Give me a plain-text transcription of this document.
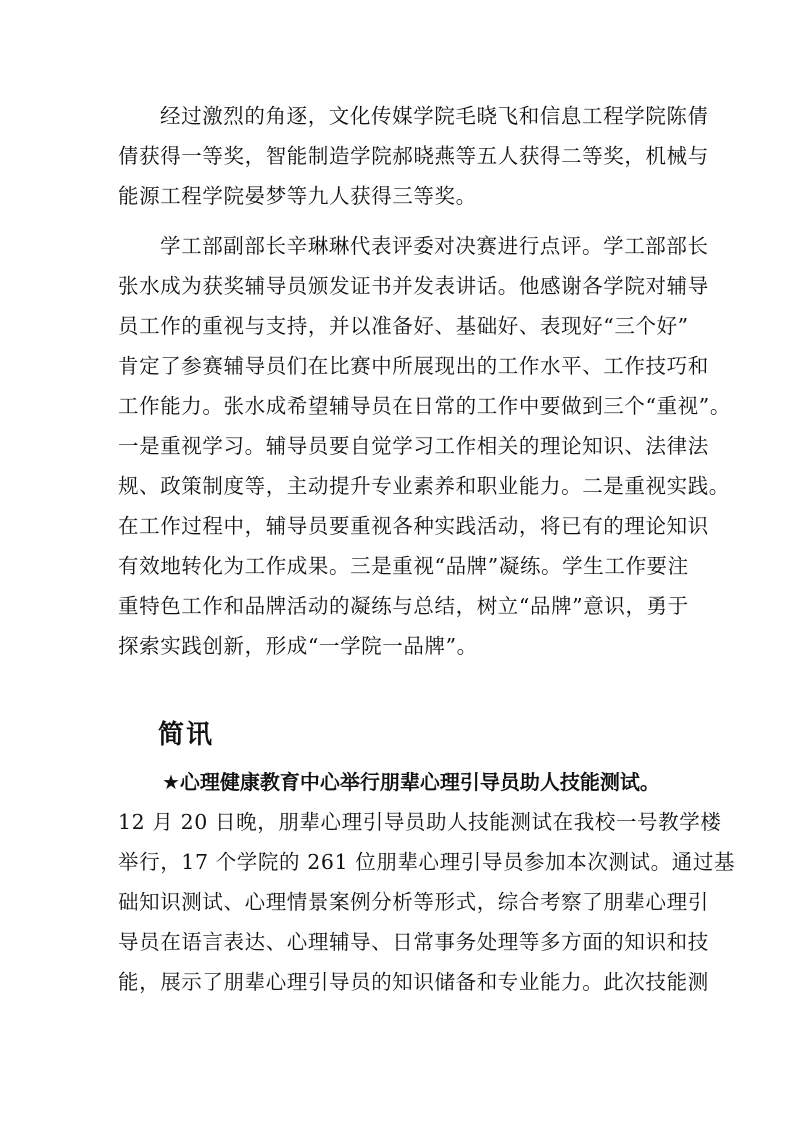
经过激烈的角逐，文化传媒学院毛晓飞和信息工程学院陈倩
倩获得一等奖，智能制造学院郝晓燕等五人获得二等奖，机械与
能源工程学院晏梦等九人获得三等奖。
学工部副部长辛琳琳代表评委对决赛进行点评。学工部部长
张水成为获奖辅导员颁发证书并发表讲话。他感谢各学院对辅导
员工作的重视与支持，并以准备好、基础好、表现好“三个好”
肯定了参赛辅导员们在比赛中所展现出的工作水平、工作技巧和
工作能力。张水成希望辅导员在日常的工作中要做到三个“重视”。
一是重视学习。辅导员要自觉学习工作相关的理论知识、法律法
规、政策制度等，主动提升专业素养和职业能力。二是重视实践。
在工作过程中，辅导员要重视各种实践活动，将已有的理论知识
有效地转化为工作成果。三是重视“品牌”凝练。学生工作要注
重特色工作和品牌活动的凝练与总结，树立“品牌”意识，勇于
探索实践创新，形成“一学院一品牌”。
简讯
★心理健康教育中心举行朋辈心理引导员助人技能测试。
12 月 20 日晚，朋辈心理引导员助人技能测试在我校一号教学楼
举行，17 个学院的 261 位朋辈心理引导员参加本次测试。通过基
础知识测试、心理情景案例分析等形式，综合考察了朋辈心理引
导员在语言表达、心理辅导、日常事务处理等多方面的知识和技
能，展示了朋辈心理引导员的知识储备和专业能力。此次技能测
